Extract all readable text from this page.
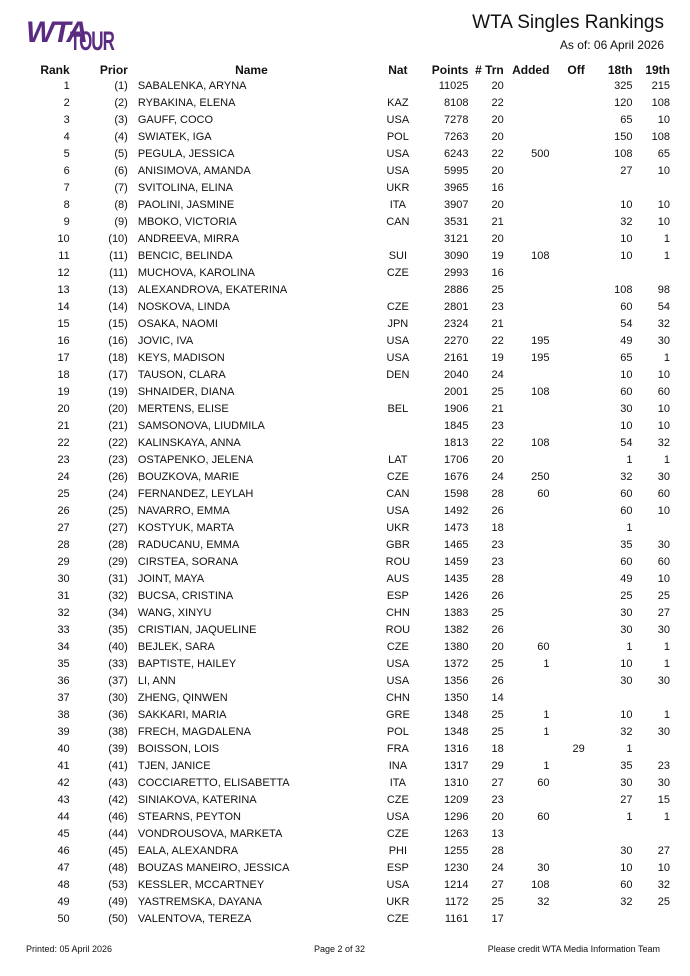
WTA
TOUR
WTA Singles Rankings
As of: 06 April 2026
Rank	Prior	Name	Nat	Points	# Trn	Added	Off	18th	19th
1	(1)	SABALENKA, ARYNA		11025	20			325	215
2	(2)	RYBAKINA, ELENA	KAZ	8108	22			120	108
3	(3)	GAUFF, COCO	USA	7278	20			65	10
4	(4)	SWIATEK, IGA	POL	7263	20			150	108
5	(5)	PEGULA, JESSICA	USA	6243	22	500		108	65
6	(6)	ANISIMOVA, AMANDA	USA	5995	20			27	10
7	(7)	SVITOLINA, ELINA	UKR	3965	16				
8	(8)	PAOLINI, JASMINE	ITA	3907	20			10	10
9	(9)	MBOKO, VICTORIA	CAN	3531	21			32	10
10	(10)	ANDREEVA, MIRRA		3121	20			10	1
11	(11)	BENCIC, BELINDA	SUI	3090	19	108		10	1
12	(11)	MUCHOVA, KAROLINA	CZE	2993	16				
13	(13)	ALEXANDROVA, EKATERINA		2886	25			108	98
14	(14)	NOSKOVA, LINDA	CZE	2801	23			60	54
15	(15)	OSAKA, NAOMI	JPN	2324	21			54	32
16	(16)	JOVIC, IVA	USA	2270	22	195		49	30
17	(18)	KEYS, MADISON	USA	2161	19	195		65	1
18	(17)	TAUSON, CLARA	DEN	2040	24			10	10
19	(19)	SHNAIDER, DIANA		2001	25	108		60	60
20	(20)	MERTENS, ELISE	BEL	1906	21			30	10
21	(21)	SAMSONOVA, LIUDMILA		1845	23			10	10
22	(22)	KALINSKAYA, ANNA		1813	22	108		54	32
23	(23)	OSTAPENKO, JELENA	LAT	1706	20			1	1
24	(26)	BOUZKOVA, MARIE	CZE	1676	24	250		32	30
25	(24)	FERNANDEZ, LEYLAH	CAN	1598	28	60		60	60
26	(25)	NAVARRO, EMMA	USA	1492	26			60	10
27	(27)	KOSTYUK, MARTA	UKR	1473	18			1	
28	(28)	RADUCANU, EMMA	GBR	1465	23			35	30
29	(29)	CIRSTEA, SORANA	ROU	1459	23			60	60
30	(31)	JOINT, MAYA	AUS	1435	28			49	10
31	(32)	BUCSA, CRISTINA	ESP	1426	26			25	25
32	(34)	WANG, XINYU	CHN	1383	25			30	27
33	(35)	CRISTIAN, JAQUELINE	ROU	1382	26			30	30
34	(40)	BEJLEK, SARA	CZE	1380	20	60		1	1
35	(33)	BAPTISTE, HAILEY	USA	1372	25	1		10	1
36	(37)	LI, ANN	USA	1356	26			30	30
37	(30)	ZHENG, QINWEN	CHN	1350	14				
38	(36)	SAKKARI, MARIA	GRE	1348	25	1		10	1
39	(38)	FRECH, MAGDALENA	POL	1348	25	1		32	30
40	(39)	BOISSON, LOIS	FRA	1316	18		29	1	
41	(41)	TJEN, JANICE	INA	1317	29	1		35	23
42	(43)	COCCIARETTO, ELISABETTA	ITA	1310	27	60		30	30
43	(42)	SINIAKOVA, KATERINA	CZE	1209	23			27	15
44	(46)	STEARNS, PEYTON	USA	1296	20	60		1	1
45	(44)	VONDROUSOVA, MARKETA	CZE	1263	13				
46	(45)	EALA, ALEXANDRA	PHI	1255	28			30	27
47	(48)	BOUZAS MANEIRO, JESSICA	ESP	1230	24	30		10	10
48	(53)	KESSLER, MCCARTNEY	USA	1214	27	108		60	32
49	(49)	YASTREMSKA, DAYANA	UKR	1172	25	32		32	25
50	(50)	VALENTOVA, TEREZA	CZE	1161	17				
Printed: 05 April 2026	Page 2 of 32	Please credit WTA Media Information Team
